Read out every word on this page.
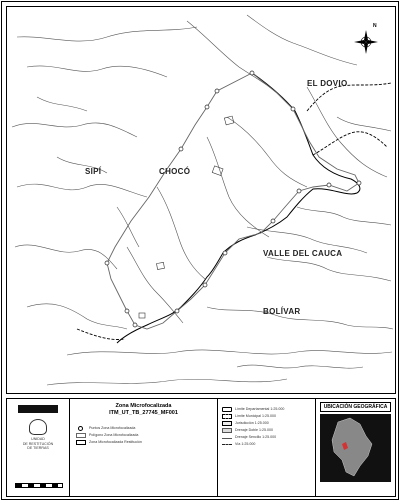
SIPÍ	CHOCÓ
EL DOVIO
VALLE DEL CAUCA
BOLÍVAR
N
UNIDAD
DE RESTITUCIÓN
DE TIERRAS
Zona Microfocalizada
ITM_UT_TB_27745_MF001
Puntos Zona Microfocalizada
Polígono Zona Microfocalizada
Zona Microfocalizada Restitución
Límite Departamental 1:25.000
Límite Municipal 1:25.000
Jurisdicción 1:25.000
Drenaje Doble 1:25.000
Drenaje Sencillo 1:25.000
Vía 1:25.000
UBICACIÓN GEOGRÁFICA
